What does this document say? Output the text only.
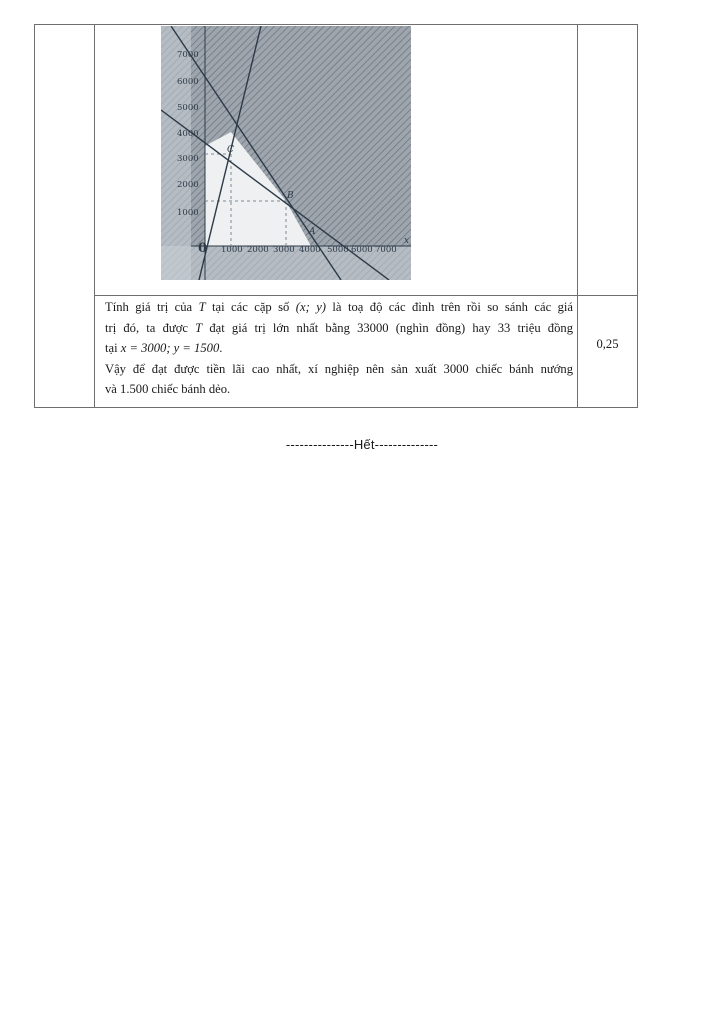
7000
6000
5000
4000
3000
2000
1000
1000 2000 3000 4000 5000 6000 7000
0	x
A
B
C
Tính giá trị của T tại các cặp số (x; y) là toạ độ các đỉnh trên rồi so sánh các giá
trị đó, ta được T đạt giá trị lớn nhất bằng 33000 (nghìn đồng) hay 33 triệu đồng
tại x = 3000; y = 1500.
Vậy để đạt được tiền lãi cao nhất, xí nghiệp nên sản xuất 3000 chiếc bánh nướng
và 1.500 chiếc bánh dẻo.
0,25
---------------Hết--------------
